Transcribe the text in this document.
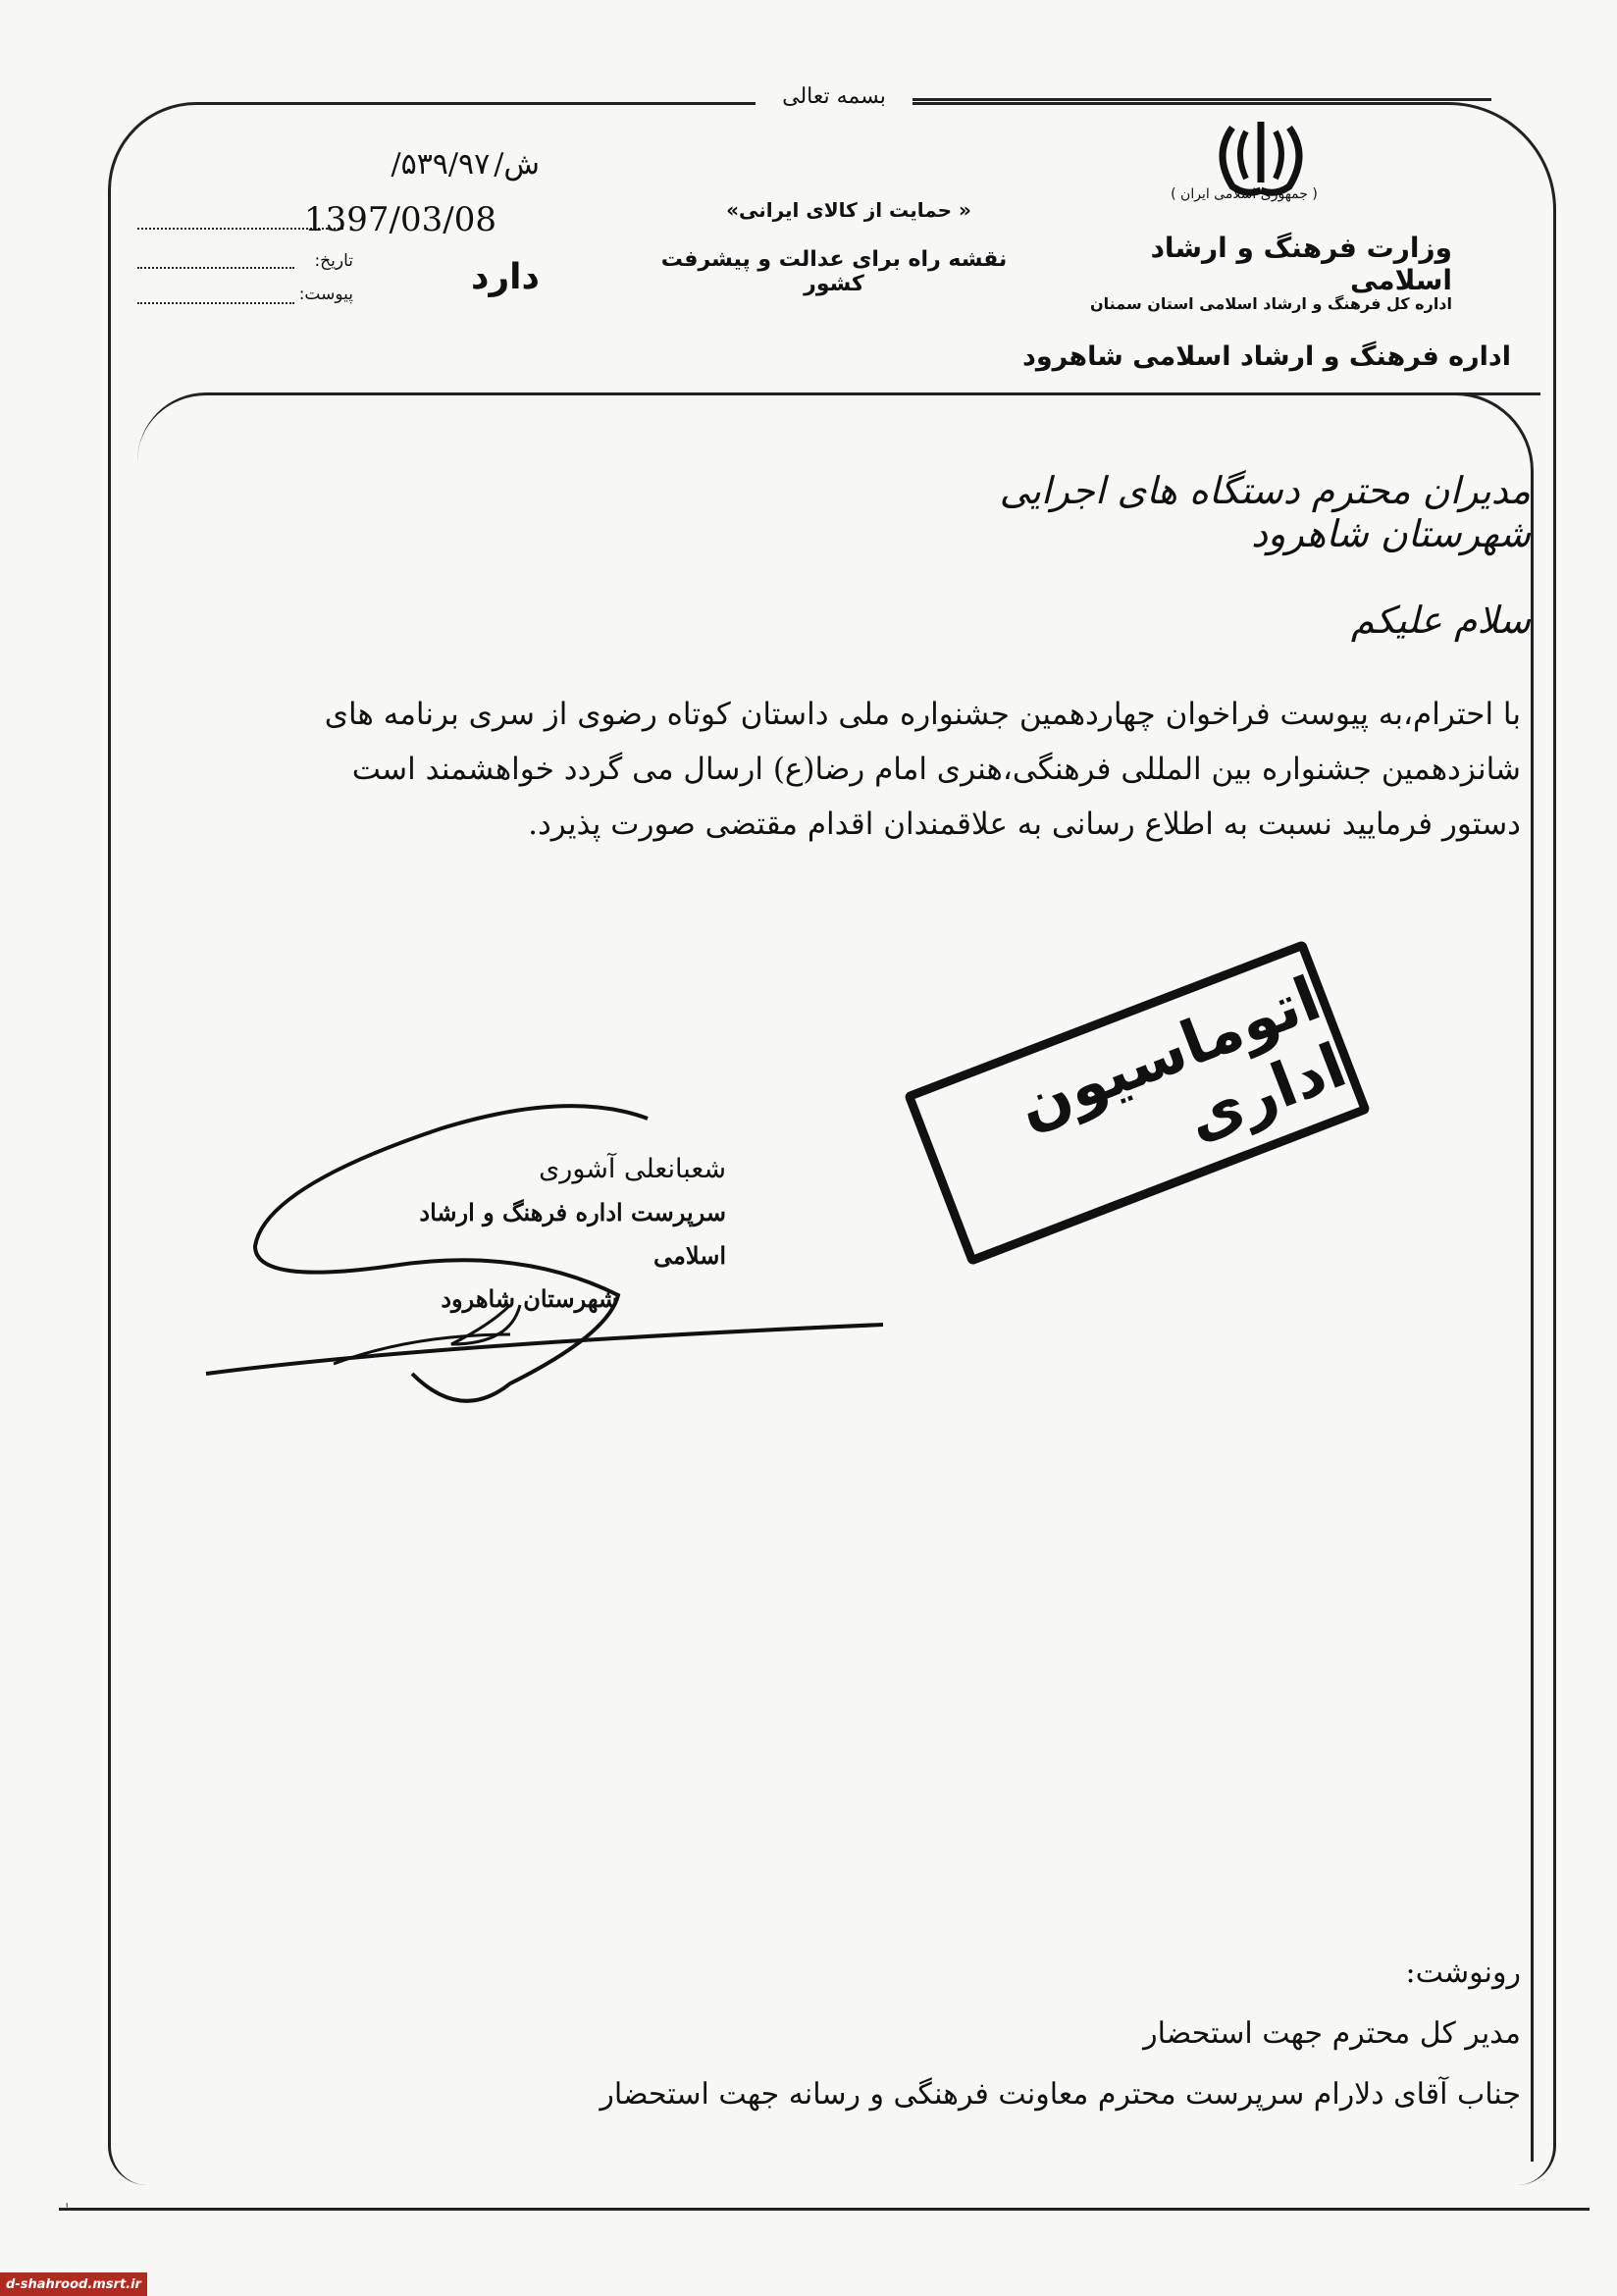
بسمه تعالی
( جمهوری اسلامی ایران )
وزارت فرهنگ و ارشاد اسلامی
اداره کل فرهنگ و ارشاد اسلامی استان سمنان
اداره فرهنگ و ارشاد اسلامی شاهرود
« حمایت از کالای ایرانی»
نقشه راه برای عدالت و پیشرفت کشور
ش/
۵۳۹/۹۷/
1397/03/08
تاریخ:
پیوست:	دارد
مدیران محترم دستگاه های اجرایی شهرستان شاهرود
سلام علیکم
با احترام،به پیوست فراخوان چهاردهمین جشنواره ملی داستان کوتاه رضوی از سری برنامه های
شانزدهمین جشنواره بین المللی فرهنگی،هنری امام رضا(ع) ارسال می گردد خواهشمند است
دستور فرمایید نسبت به اطلاع رسانی به علاقمندان اقدام مقتضی صورت پذیرد.
اتوماسیون اداری
شعبانعلی آشوری
سرپرست اداره فرهنگ و ارشاد اسلامی
شهرستان شاهرود
رونوشت:
مدیر کل محترم جهت استحضار
جناب آقای دلارام سرپرست محترم معاونت فرهنگی و رسانه جهت استحضار
ˌ
d-shahrood.msrt.ir
